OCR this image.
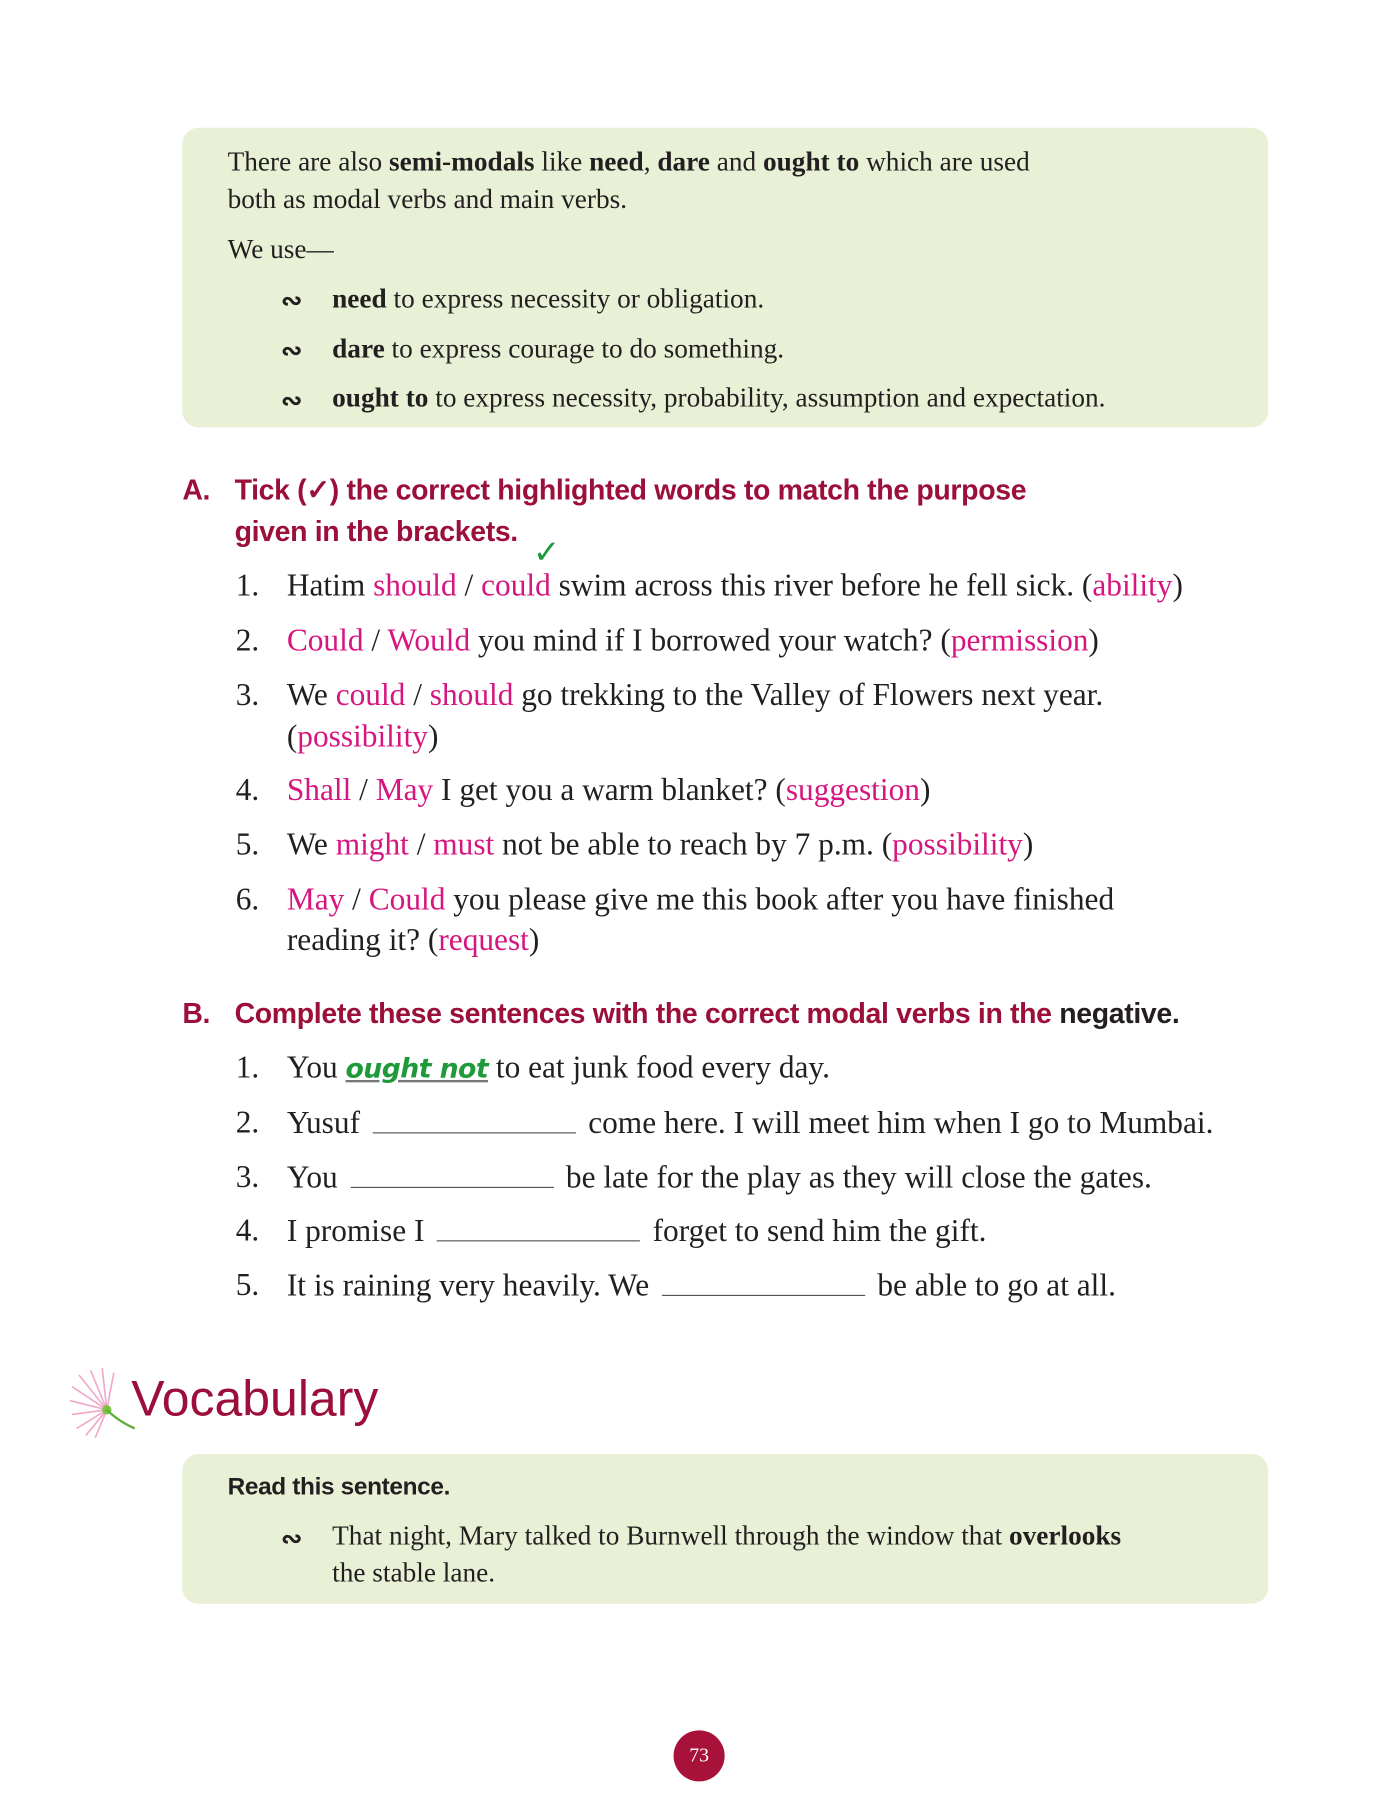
There are also semi-modals like need, dare and ought to which are used
both as modal verbs and main verbs.
We use—
∾ need to express necessity or obligation.
∾ dare to express courage to do something.
∾ ought to to express necessity, probability, assumption and expectation.
A. Tick (✓) the correct highlighted words to match the purpose
given in the brackets.
✓
1. Hatim should / could swim across this river before he fell sick. (ability)
2. Could / Would you mind if I borrowed your watch? (permission)
3. We could / should go trekking to the Valley of Flowers next year.
(possibility)
4. Shall / May I get you a warm blanket? (suggestion)
5. We might / must not be able to reach by 7 p.m. (possibility)
6. May / Could you please give me this book after you have finished
reading it? (request)
B. Complete these sentences with the correct modal verbs in the negative.
1. You ought not to eat junk food every day.
2. Yusuf	come here. I will meet him when I go to Mumbai.
3. You	be late for the play as they will close the gates.
4. I promise I	forget to send him the gift.
5. It is raining very heavily. We	be able to go at all.
Vocabulary
Read this sentence.
∾ That night, Mary talked to Burnwell through the window that overlooks
the stable lane.
73
